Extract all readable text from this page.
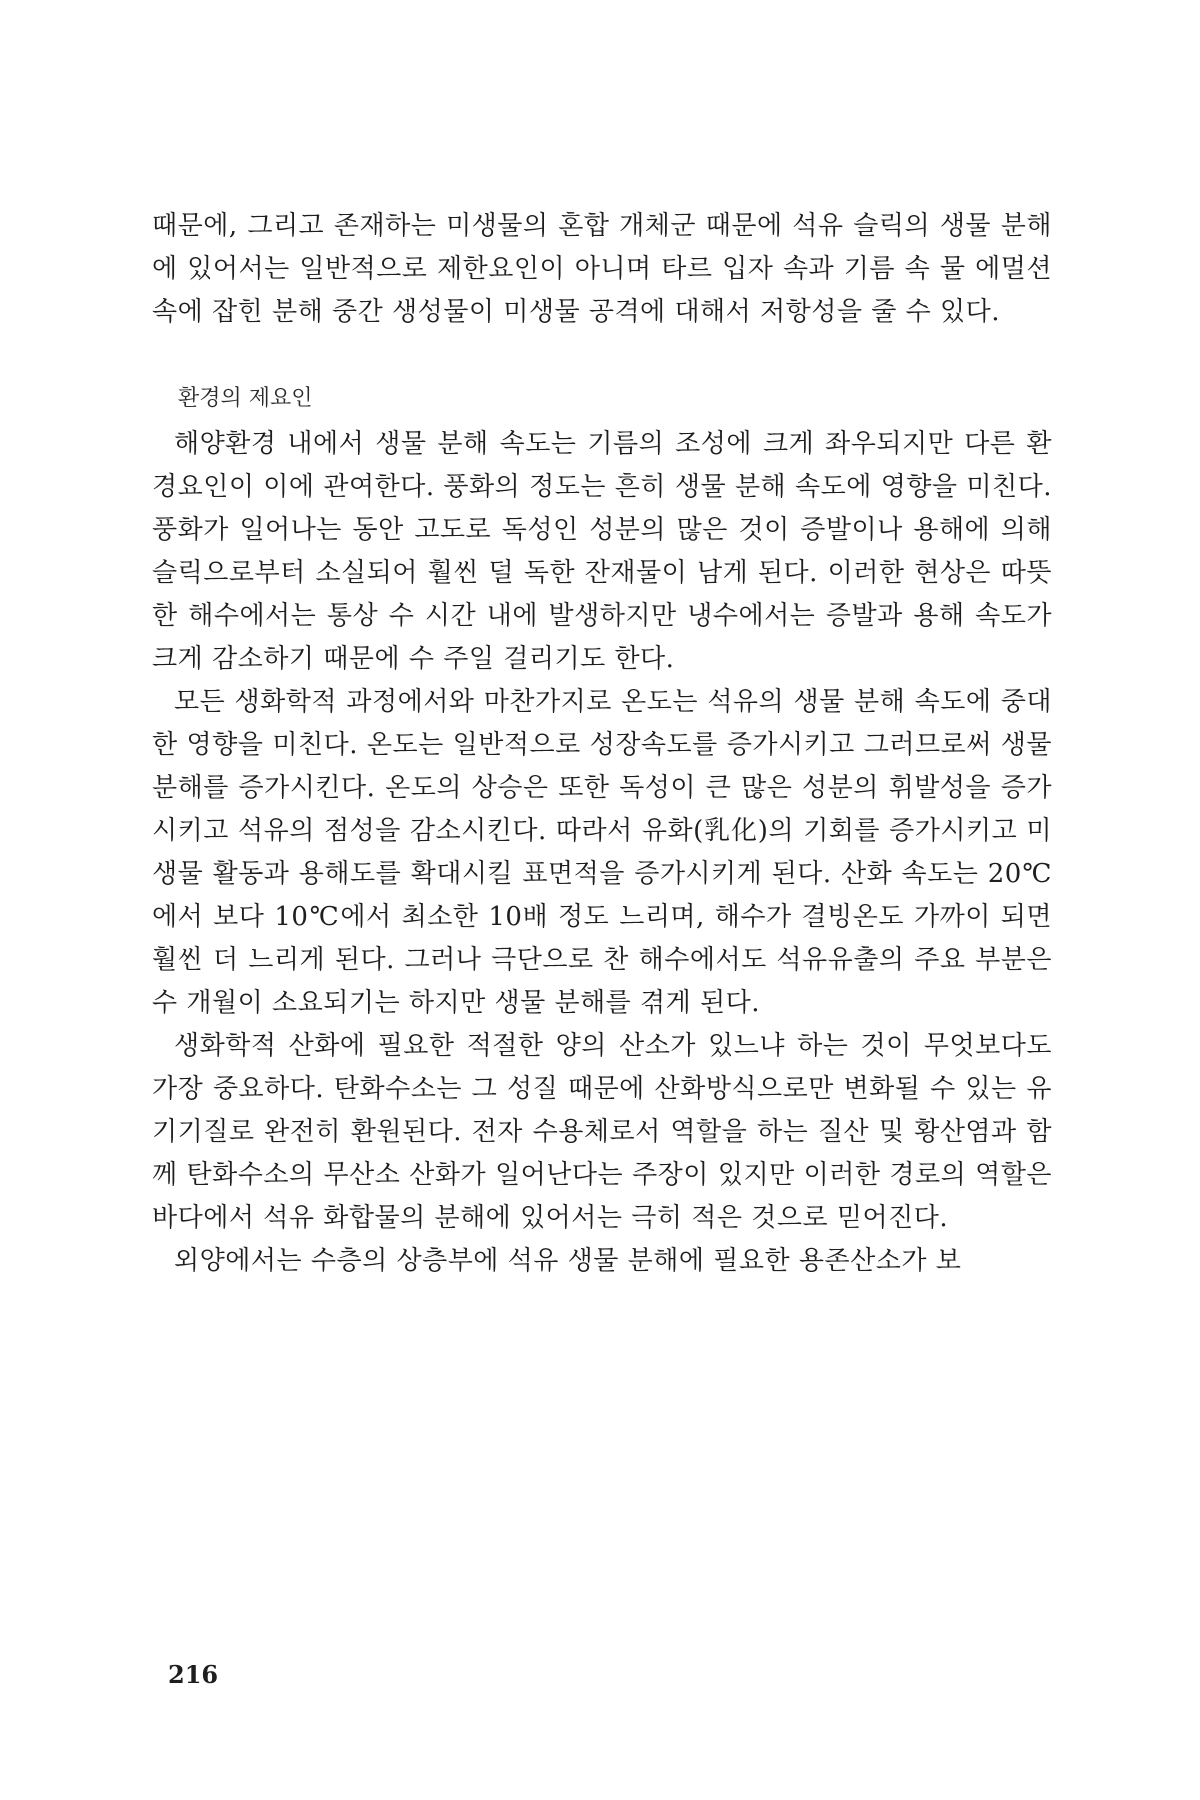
때문에, 그리고 존재하는 미생물의 혼합 개체군 때문에 석유 슬릭의 생물 분해에 있어서는 일반적으로 제한요인이 아니며 타르 입자 속과 기름 속 물 에멀션 속에 잡힌 분해 중간 생성물이 미생물 공격에 대해서 저항성을 줄 수 있다.

환경의 제요인

해양환경 내에서 생물 분해 속도는 기름의 조성에 크게 좌우되지만 다른 환경요인이 이에 관여한다. 풍화의 정도는 흔히 생물 분해 속도에 영향을 미친다. 풍화가 일어나는 동안 고도로 독성인 성분의 많은 것이 증발이나 용해에 의해 슬릭으로부터 소실되어 훨씬 덜 독한 잔재물이 남게 된다. 이러한 현상은 따뜻한 해수에서는 통상 수 시간 내에 발생하지만 냉수에서는 증발과 용해 속도가 크게 감소하기 때문에 수 주일 걸리기도 한다.

모든 생화학적 과정에서와 마찬가지로 온도는 석유의 생물 분해 속도에 중대한 영향을 미친다. 온도는 일반적으로 성장속도를 증가시키고 그러므로써 생물 분해를 증가시킨다. 온도의 상승은 또한 독성이 큰 많은 성분의 휘발성을 증가시키고 석유의 점성을 감소시킨다. 따라서 유화(乳化)의 기회를 증가시키고 미생물 활동과 용해도를 확대시킬 표면적을 증가시키게 된다. 산화 속도는 20℃에서 보다 10℃에서 최소한 10배 정도 느리며, 해수가 결빙온도 가까이 되면 훨씬 더 느리게 된다. 그러나 극단으로 찬 해수에서도 석유유출의 주요 부분은 수 개월이 소요되기는 하지만 생물 분해를 겪게 된다.

생화학적 산화에 필요한 적절한 양의 산소가 있느냐 하는 것이 무엇보다도 가장 중요하다. 탄화수소는 그 성질 때문에 산화방식으로만 변화될 수 있는 유기기질로 완전히 환원된다. 전자 수용체로서 역할을 하는 질산 및 황산염과 함께 탄화수소의 무산소 산화가 일어난다는 주장이 있지만 이러한 경로의 역할은 바다에서 석유 화합물의 분해에 있어서는 극히 적은 것으로 믿어진다.

외양에서는 수층의 상층부에 석유 생물 분해에 필요한 용존산소가 보

216
